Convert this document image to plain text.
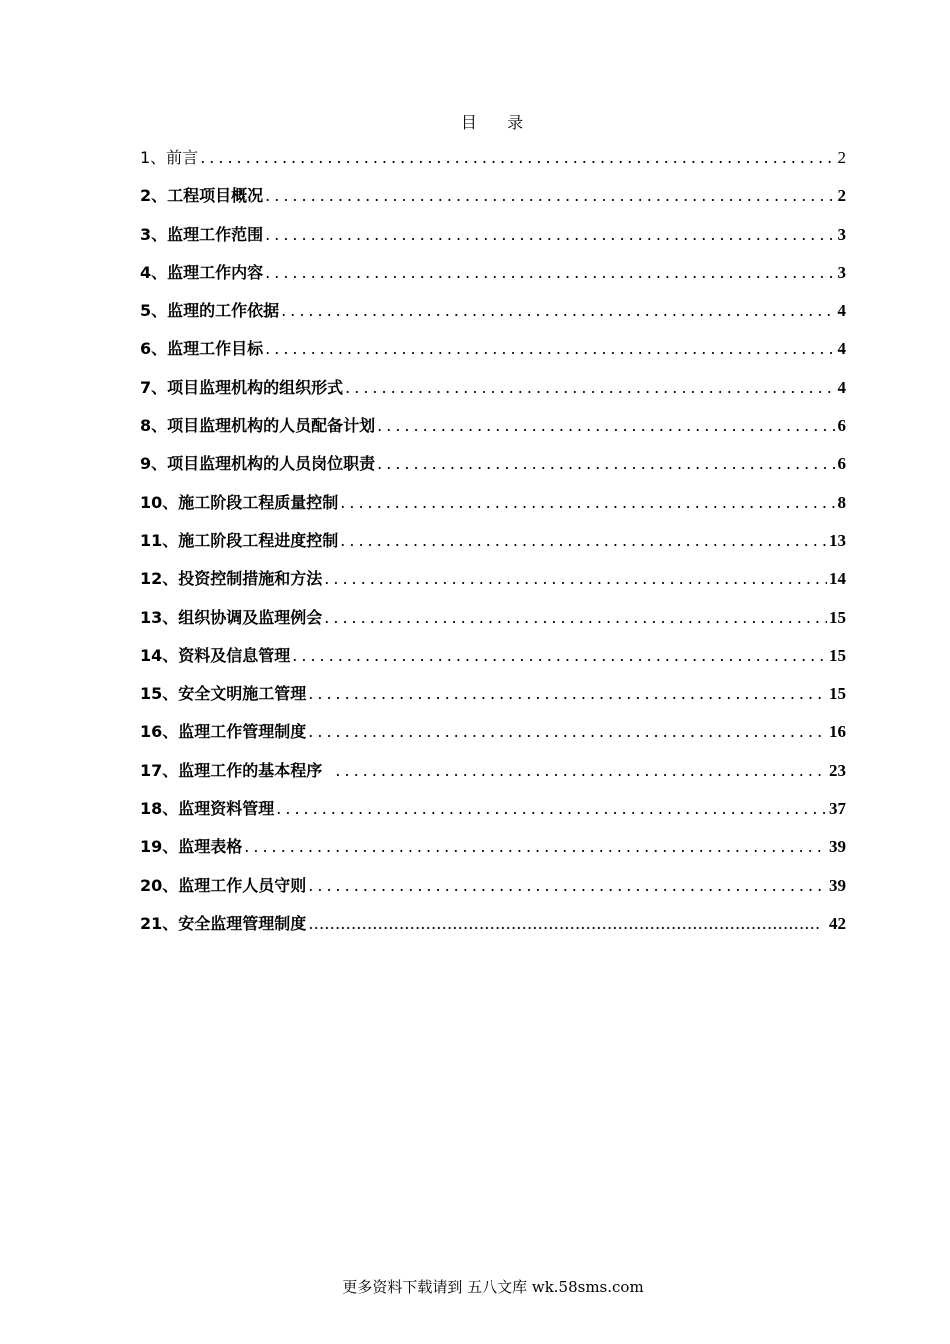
目    录
1、前言 .....	2
2、工程项目概况 .....	2
3、监理工作范围 .....	3
4、监理工作内容 .....	3
5、监理的工作依据 .....	4
6、监理工作目标 .....	4
7、项目监理机构的组织形式 .....	4
8、项目监理机构的人员配备计划 .....	6
9、项目监理机构的人员岗位职责 .....	6
10、施工阶段工程质量控制 .....	8
11、施工阶段工程进度控制 .....	13
12、投资控制措施和方法 .....	14
13、组织协调及监理例会 .....	15
14、资料及信息管理 .....	15
15、安全文明施工管理 .....	15
16、监理工作管理制度 .....	16
17、监理工作的基本程序 .....	23
18、监理资料管理 .....	37
19、监理表格 .....	39
20、监理工作人员守则 .....	39
21、安全监理管理制度 …………………………………………………………………………………………………………………………	42
更多资料下载请到 五八文库 wk.58sms.com
